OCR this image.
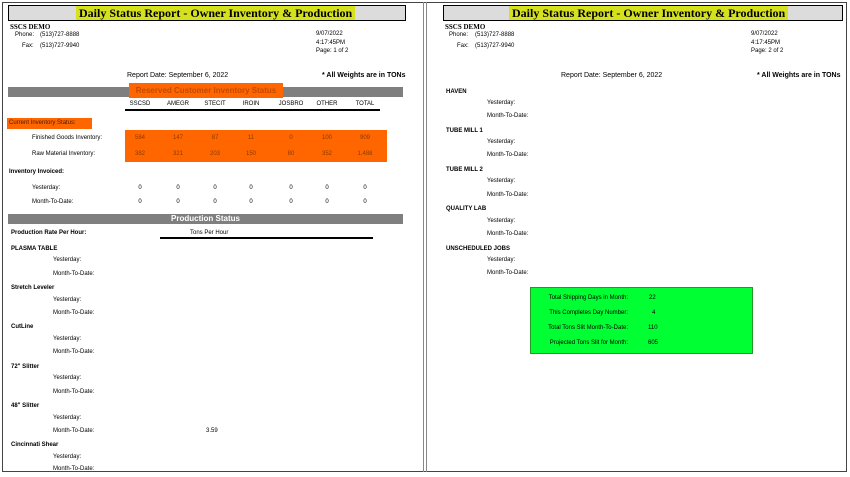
Daily Status Report - Owner Inventory & Production
SSCS DEMO
Phone: (513)727-8888
Fax: (513)727-9940
9/07/2022
4:17:45PM
Page: 1 of 2
Report Date: September 6, 2022	* All Weights are in TONs
Reserved Customer Inventory Status
SSCSD	AMEGR	STECIT	IROIN	JOSBRO	OTHER	TOTAL
Current Inventory Status:
Finished Goods Inventory:	584	147	87	11	0	100	909
Raw Material Inventory:	382	321	203	150	80	352	1,488
Inventory Invoiced:
Yesterday:	0	0	0	0	0	0	0
Month-To-Date:	0	0	0	0	0	0	0
Production Status
Production Rate Per Hour:	Tons Per Hour
PLASMA TABLE
Yesterday:
Month-To-Date:
Stretch Leveler
Yesterday:
Month-To-Date:
CutLine
Yesterday:
Month-To-Date:
72" Slitter
Yesterday:
Month-To-Date:
48" Slitter
Yesterday:
Month-To-Date:	3.59
Cincinnati Shear
Yesterday:
Month-To-Date:
Daily Status Report - Owner Inventory & Production
SSCS DEMO
Phone: (513)727-8888
Fax: (513)727-9940
9/07/2022
4:17:45PM
Page: 2 of 2
Report Date: September 6, 2022	* All Weights are in TONs
HAVEN
Yesterday:
Month-To-Date:
TUBE MILL 1
Yesterday:
Month-To-Date:
TUBE MILL 2
Yesterday:
Month-To-Date:
QUALITY LAB
Yesterday:
Month-To-Date:
UNSCHEDULED JOBS
Yesterday:
Month-To-Date:
Total Shipping Days in Month:	22
This Completes Day Number:	4
Total Tons Slit Month-To-Date:	110
Projected Tons Slit for Month:	605
